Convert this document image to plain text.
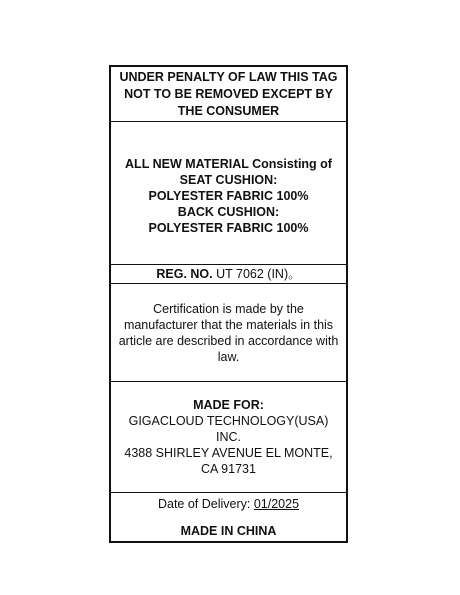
UNDER PENALTY OF LAW THIS TAG
NOT TO BE REMOVED EXCEPT BY
THE CONSUMER
ALL NEW MATERIAL Consisting of
SEAT CUSHION:
POLYESTER FABRIC 100%
BACK CUSHION:
POLYESTER FABRIC 100%
REG. NO. UT 7062 (IN)。
Certification is made by the
manufacturer that the materials in this
article are described in accordance with
law.
MADE FOR:
GIGACLOUD TECHNOLOGY(USA)
INC.
4388 SHIRLEY AVENUE EL MONTE,
CA 91731
Date of Delivery: 01/2025
MADE IN CHINA
